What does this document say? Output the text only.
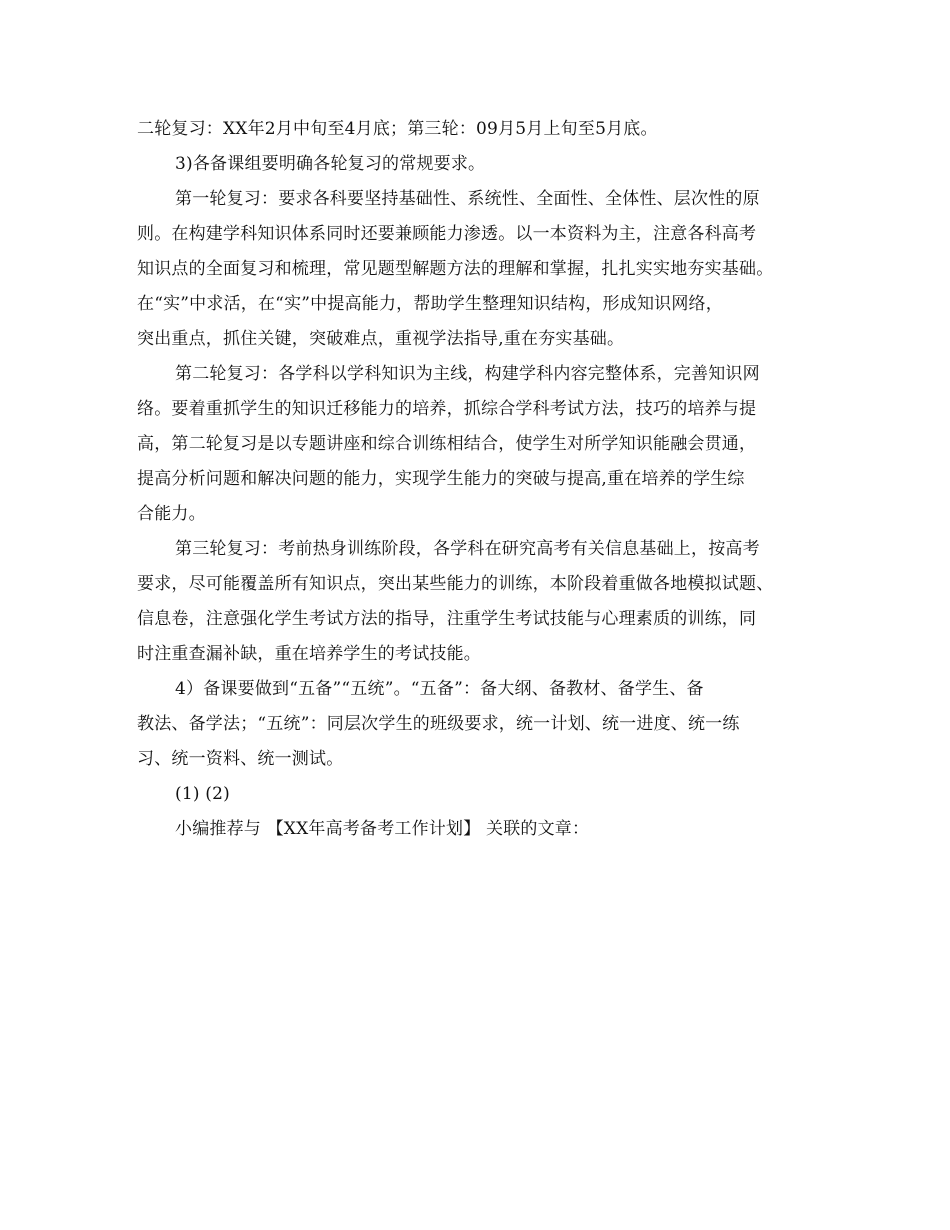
二轮复习：XX年2月中旬至4月底；第三轮：09月5月上旬至5月底。
3)各备课组要明确各轮复习的常规要求。
第一轮复习：要求各科要坚持基础性、系统性、全面性、全体性、层次性的原
则。在构建学科知识体系同时还要兼顾能力渗透。以一本资料为主，注意各科高考
知识点的全面复习和梳理，常见题型解题方法的理解和掌握，扎扎实实地夯实基础。
在“实”中求活，在“实”中提高能力，帮助学生整理知识结构，形成知识网络，
突出重点，抓住关键，突破难点，重视学法指导,重在夯实基础。
第二轮复习：各学科以学科知识为主线，构建学科内容完整体系，完善知识网
络。要着重抓学生的知识迁移能力的培养，抓综合学科考试方法，技巧的培养与提
高，第二轮复习是以专题讲座和综合训练相结合，使学生对所学知识能融会贯通，
提高分析问题和解决问题的能力，实现学生能力的突破与提高,重在培养的学生综
合能力。
第三轮复习：考前热身训练阶段，各学科在研究高考有关信息基础上，按高考
要求，尽可能覆盖所有知识点，突出某些能力的训练，本阶段着重做各地模拟试题、
信息卷，注意强化学生考试方法的指导，注重学生考试技能与心理素质的训练，同
时注重查漏补缺，重在培养学生的考试技能。
4）备课要做到“五备”“五统”。“五备”：备大纲、备教材、备学生、备
教法、备学法；“五统”：同层次学生的班级要求，统一计划、统一进度、统一练
习、统一资料、统一测试。
(1) (2)
小编推荐与 【XX年高考备考工作计划】 关联的文章：
